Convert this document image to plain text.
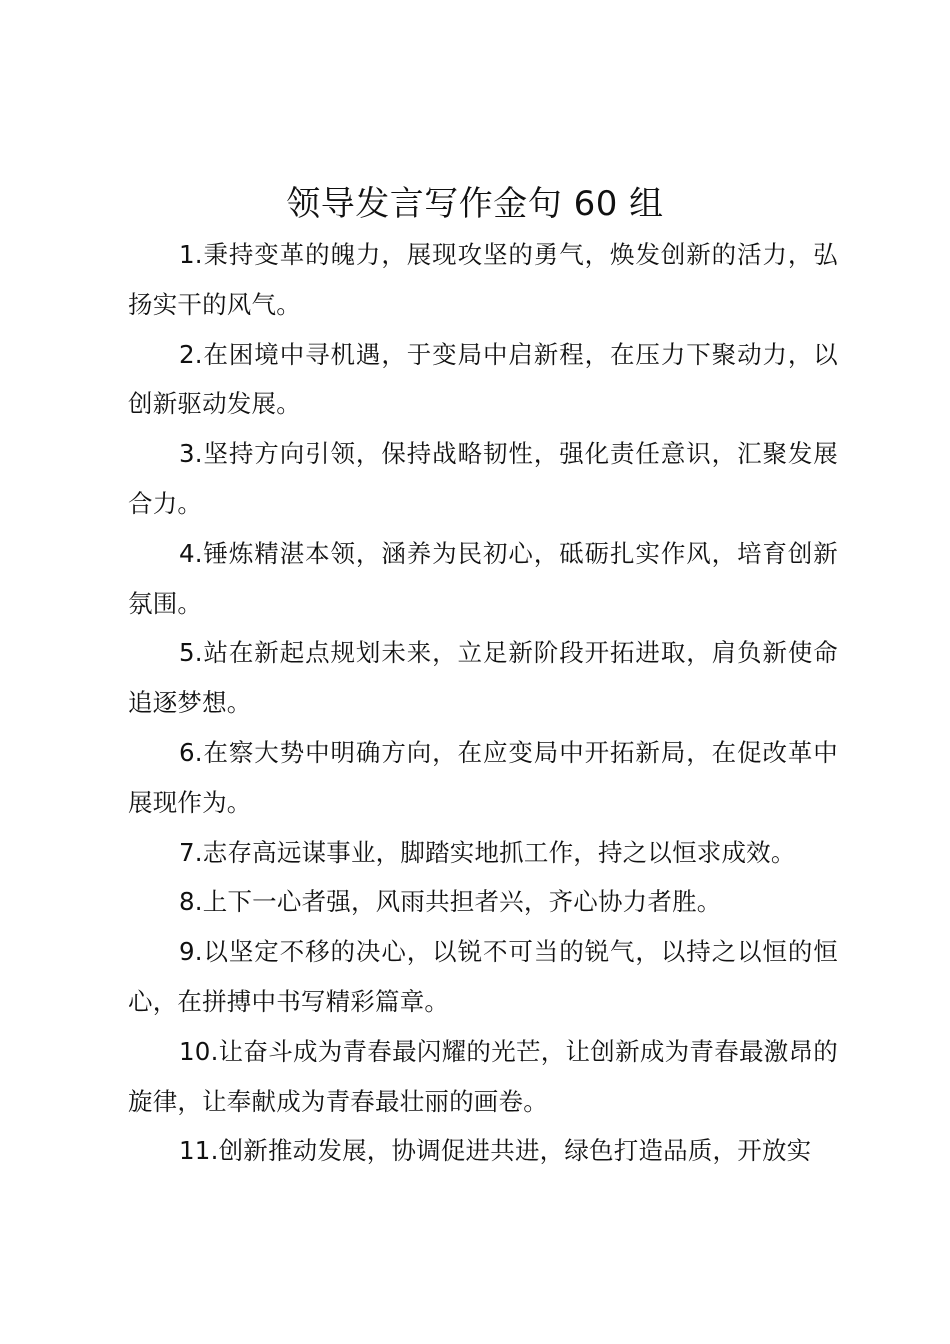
领导发言写作金句 60 组

1.秉持变革的魄力，展现攻坚的勇气，焕发创新的活力，弘扬实干的风气。

2.在困境中寻机遇，于变局中启新程，在压力下聚动力，以创新驱动发展。

3.坚持方向引领，保持战略韧性，强化责任意识，汇聚发展合力。

4.锤炼精湛本领，涵养为民初心，砥砺扎实作风，培育创新氛围。

5.站在新起点规划未来，立足新阶段开拓进取，肩负新使命追逐梦想。

6.在察大势中明确方向，在应变局中开拓新局，在促改革中展现作为。

7.志存高远谋事业，脚踏实地抓工作，持之以恒求成效。

8.上下一心者强，风雨共担者兴，齐心协力者胜。

9.以坚定不移的决心，以锐不可当的锐气，以持之以恒的恒心，在拼搏中书写精彩篇章。

10.让奋斗成为青春最闪耀的光芒，让创新成为青春最激昂的旋律，让奉献成为青春最壮丽的画卷。

11.创新推动发展，协调促进共进，绿色打造品质，开放实
